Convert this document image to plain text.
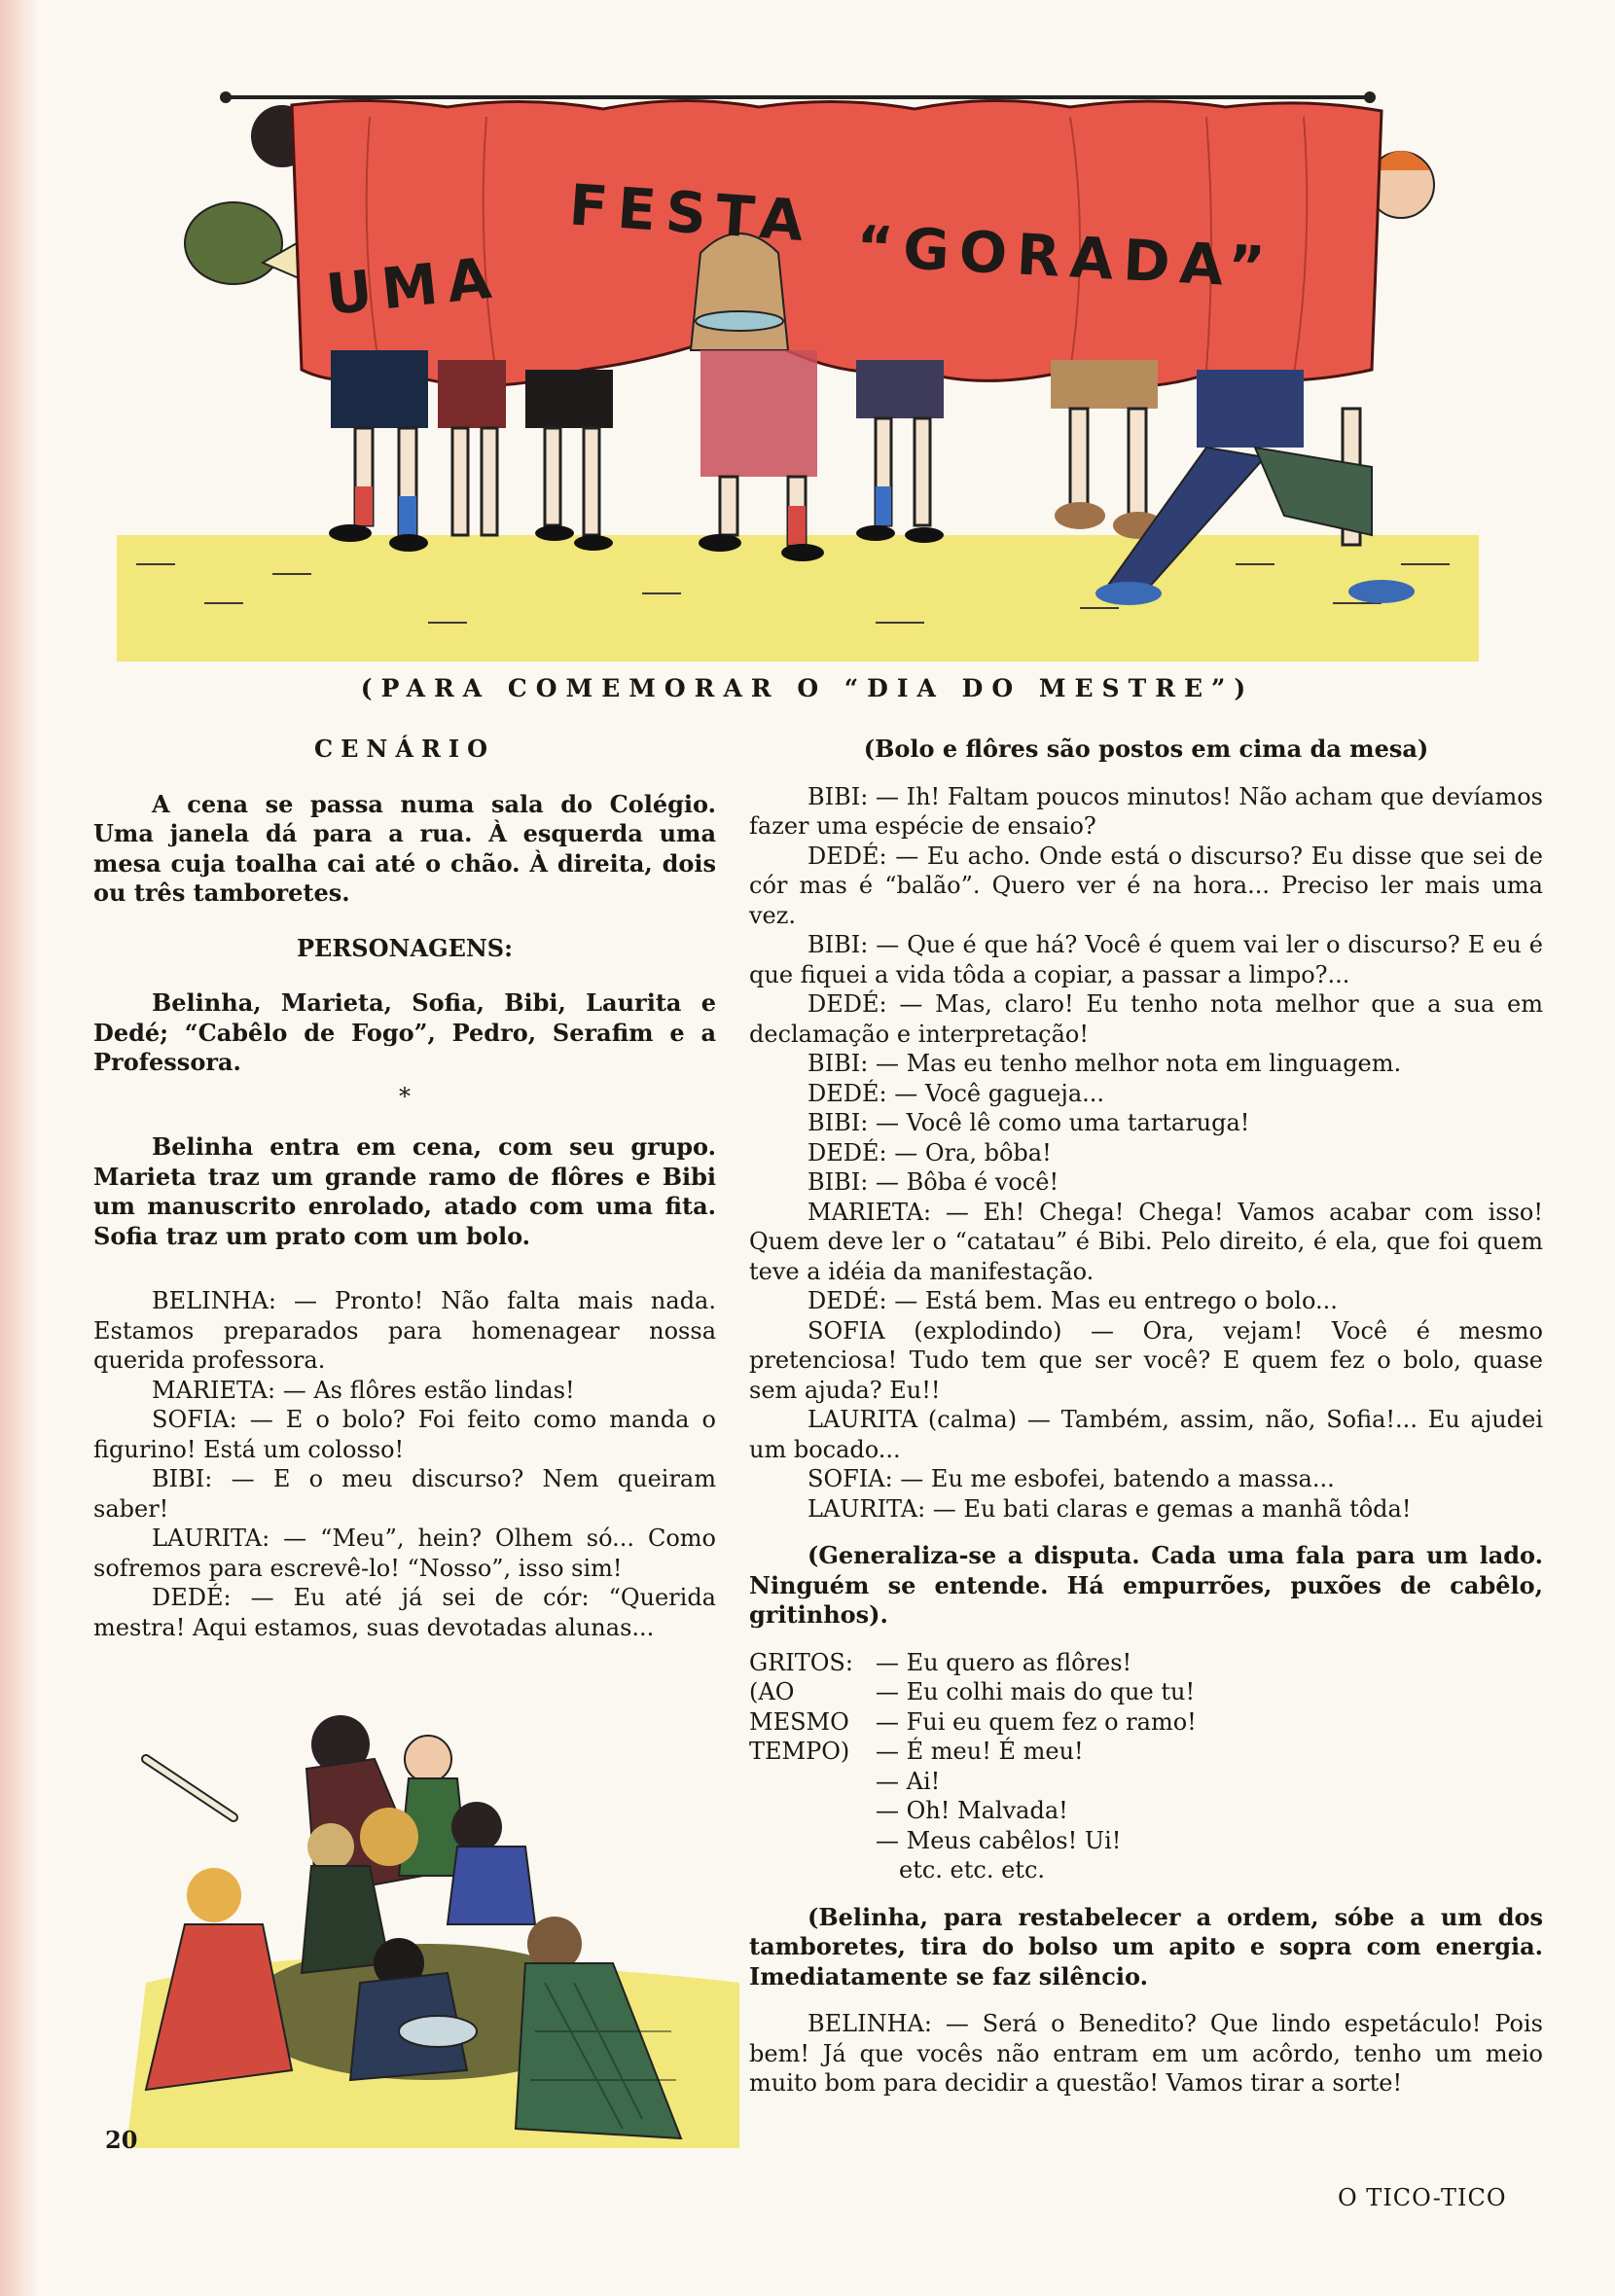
UMA
FESTA “GORADA”
(PARA COMEMORAR O “DIA DO MESTRE”)
CENÁRIO

A cena se passa numa sala do Colégio. Uma janela dá para a rua. À esquerda uma mesa cuja toalha cai até o chão. À direita, dois ou três tamboretes.

PERSONAGENS:

Belinha, Marieta, Sofia, Bibi, Laurita e Dedé; “Cabêlo de Fogo”, Pedro, Serafim e a Professora.

*

Belinha entra em cena, com seu grupo. Marieta traz um grande ramo de flôres e Bibi um manuscrito enrolado, atado com uma fita. Sofia traz um prato com um bolo.

BELINHA: — Pronto! Não falta mais nada. Estamos preparados para homenagear nossa querida professora.

MARIETA: — As flôres estão lindas!

SOFIA: — E o bolo? Foi feito como manda o figurino! Está um colosso!

BIBI: — E o meu discurso? Nem queiram saber!

LAURITA: — “Meu”, hein? Olhem só... Como sofremos para escrevê-lo! “Nosso”, isso sim!

DEDÉ: — Eu até já sei de cór: “Querida mestra! Aqui estamos, suas devotadas alunas...

(Bolo e flôres são postos em cima da mesa)

BIBI: — Ih! Faltam poucos minutos! Não acham que devíamos fazer uma espécie de ensaio?

DEDÉ: — Eu acho. Onde está o discurso? Eu disse que sei de cór mas é “balão”. Quero ver é na hora... Preciso ler mais uma vez.

BIBI: — Que é que há? Você é quem vai ler o discurso? E eu é que fiquei a vida tôda a copiar, a passar a limpo?...

DEDÉ: — Mas, claro! Eu tenho nota melhor que a sua em declamação e interpretação!

BIBI: — Mas eu tenho melhor nota em linguagem.

DEDÉ: — Você gagueja...

BIBI: — Você lê como uma tartaruga!

DEDÉ: — Ora, bôba!

BIBI: — Bôba é você!

MARIETA: — Eh! Chega! Chega! Vamos acabar com isso! Quem deve ler o “catatau” é Bibi. Pelo direito, é ela, que foi quem teve a idéia da manifestação.

DEDÉ: — Está bem. Mas eu entrego o bolo...

SOFIA (explodindo) — Ora, vejam! Você é mesmo pretenciosa! Tudo tem que ser você? E quem fez o bolo, quase sem ajuda? Eu!!

LAURITA (calma) — Também, assim, não, Sofia!... Eu ajudei um bocado...

SOFIA: — Eu me esbofei, batendo a massa...

LAURITA: — Eu bati claras e gemas a manhã tôda!

(Generaliza-se a disputa. Cada uma fala para um lado. Ninguém se entende. Há empurrões, puxões de cabêlo, gritinhos).

GRITOS: — Eu quero as flôres!
(AO	— Eu colhi mais do que tu!
MESMO	— Fui eu quem fez o ramo!
TEMPO)	— É meu! É meu!
— Ai!
— Oh! Malvada!
— Meus cabêlos! Ui!
etc. etc. etc.

(Belinha, para restabelecer a ordem, sóbe a um dos tamboretes, tira do bolso um apito e sopra com energia. Imediatamente se faz silêncio.

BELINHA: — Será o Benedito? Que lindo espetáculo! Pois bem! Já que vocês não entram em um acôrdo, tenho um meio muito bom para decidir a questão! Vamos tirar a sorte!

20
O TICO-TICO
